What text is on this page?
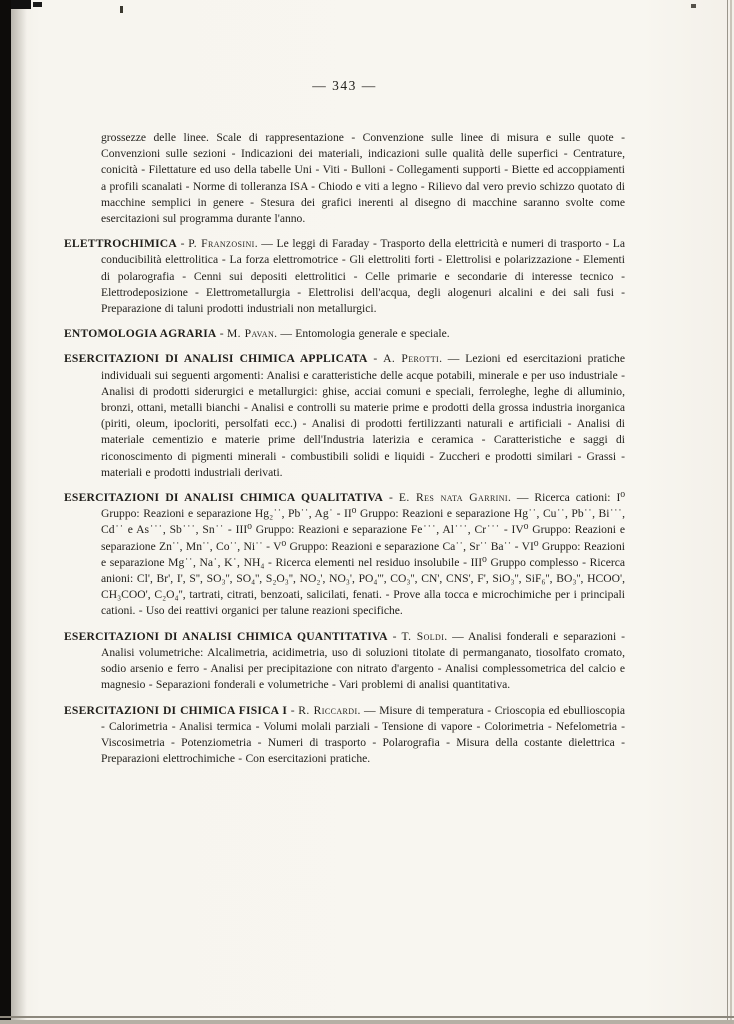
— 343 —

grossezze delle linee. Scale di rappresentazione - Convenzione sulle linee di misura e sulle quote - Convenzioni sulle sezioni - Indicazioni dei materiali, indicazioni sulle qualità delle superfici - Centrature, conicità - Filettature ed uso della tabelle Uni - Viti - Bulloni - Collegamenti supporti - Biette ed accoppiamenti a profili scanalati - Norme di tolleranza ISA - Chiodo e viti a legno - Rilievo dal vero previo schizzo quotato di macchine semplici in genere - Stesura dei grafici inerenti al disegno di macchine saranno svolte come esercitazioni sul programma durante l'anno.

ELETTROCHIMICA - P. Franzosini. — Le leggi di Faraday - Trasporto della elettricità e numeri di trasporto - La conducibilità elettrolitica - La forza elettromotrice - Gli elettroliti forti - Elettrolisi e polarizzazione - Elementi di polarografia - Cenni sui depositi elettrolitici - Celle primarie e secondarie di interesse tecnico - Elettrodeposizione - Elettrometallurgia - Elettrolisi dell'acqua, degli alogenuri alcalini e dei sali fusi - Preparazione di taluni prodotti industriali non metallurgici.

ENTOMOLOGIA AGRARIA - M. Pavan. — Entomologia generale e speciale.

ESERCITAZIONI DI ANALISI CHIMICA APPLICATA - A. Perotti. — Lezioni ed esercitazioni pratiche individuali sui seguenti argomenti: Analisi e caratteristiche delle acque potabili, minerale e per uso industriale - Analisi di prodotti siderurgici e metallurgici: ghise, acciai comuni e speciali, ferroleghe, leghe di alluminio, bronzi, ottani, metalli bianchi - Analisi e controlli su materie prime e prodotti della grossa industria inorganica (piriti, oleum, ipocloriti, persolfati ecc.) - Analisi di prodotti fertilizzanti naturali e artificiali - Analisi di materiale cementizio e materie prime dell'Industria laterizia e ceramica - Caratteristiche e saggi di riconoscimento di pigmenti minerali - combustibili solidi e liquidi - Zuccheri e prodotti similari - Grassi - materiali e prodotti industriali derivati.

ESERCITAZIONI DI ANALISI CHIMICA QUALITATIVA - E. Res nata Garrini. — Ricerca cationi: I⁰ Gruppo: Reazioni e separazione Hg₂˙˙, Pb˙˙, Ag˙ - II⁰ Gruppo: Reazioni e separazione Hg˙˙, Cu˙˙, Pb˙˙, Bi˙˙˙, Cd˙˙ e As˙˙˙, Sb˙˙˙, Sn˙˙ - III⁰ Gruppo: Reazioni e separazione Fe˙˙˙, Al˙˙˙, Cr˙˙˙ - IV⁰ Gruppo: Reazioni e separazione Zn˙˙, Mn˙˙, Co˙˙, Ni˙˙ - V⁰ Gruppo: Reazioni e separazione Ca˙˙, Sr˙˙ Ba˙˙ - VI⁰ Gruppo: Reazioni e separazione Mg˙˙, Na˙, K˙, NH₄ - Ricerca elementi nel residuo insolubile - III⁰ Gruppo complesso - Ricerca anioni: Cl', Br', I', S'', SO₃'', SO₄'', S₂O₃'', NO₂', NO₃', PO₄''', CO₃'', CN', CNS', F', SiO₃'', SiF₆'', BO₃'', HCOO', CH₃COO', C₂O₄'', tartrati, citrati, benzoati, salicilati, fenati. - Prove alla tocca e microchimiche per i principali cationi. - Uso dei reattivi organici per talune reazioni specifiche.

ESERCITAZIONI DI ANALISI CHIMICA QUANTITATIVA - T. Soldi. — Analisi fonderali e separazioni - Analisi volumetriche: Alcalimetria, acidimetria, uso di soluzioni titolate di permanganato, tiosolfato cromato, sodio arsenio e ferro - Analisi per precipitazione con nitrato d'argento - Analisi complessometrica del calcio e magnesio - Separazioni fonderali e volumetriche - Vari problemi di analisi quantitativa.

ESERCITAZIONI DI CHIMICA FISICA I - R. Riccardi. — Misure di temperatura - Crioscopia ed ebullioscopia - Calorimetria - Analisi termica - Volumi molali parziali - Tensione di vapore - Colorimetria - Nefelometria - Viscosimetria - Potenziometria - Numeri di trasporto - Polarografia - Misura della costante dielettrica - Preparazioni elettrochimiche - Con esercitazioni pratiche.
